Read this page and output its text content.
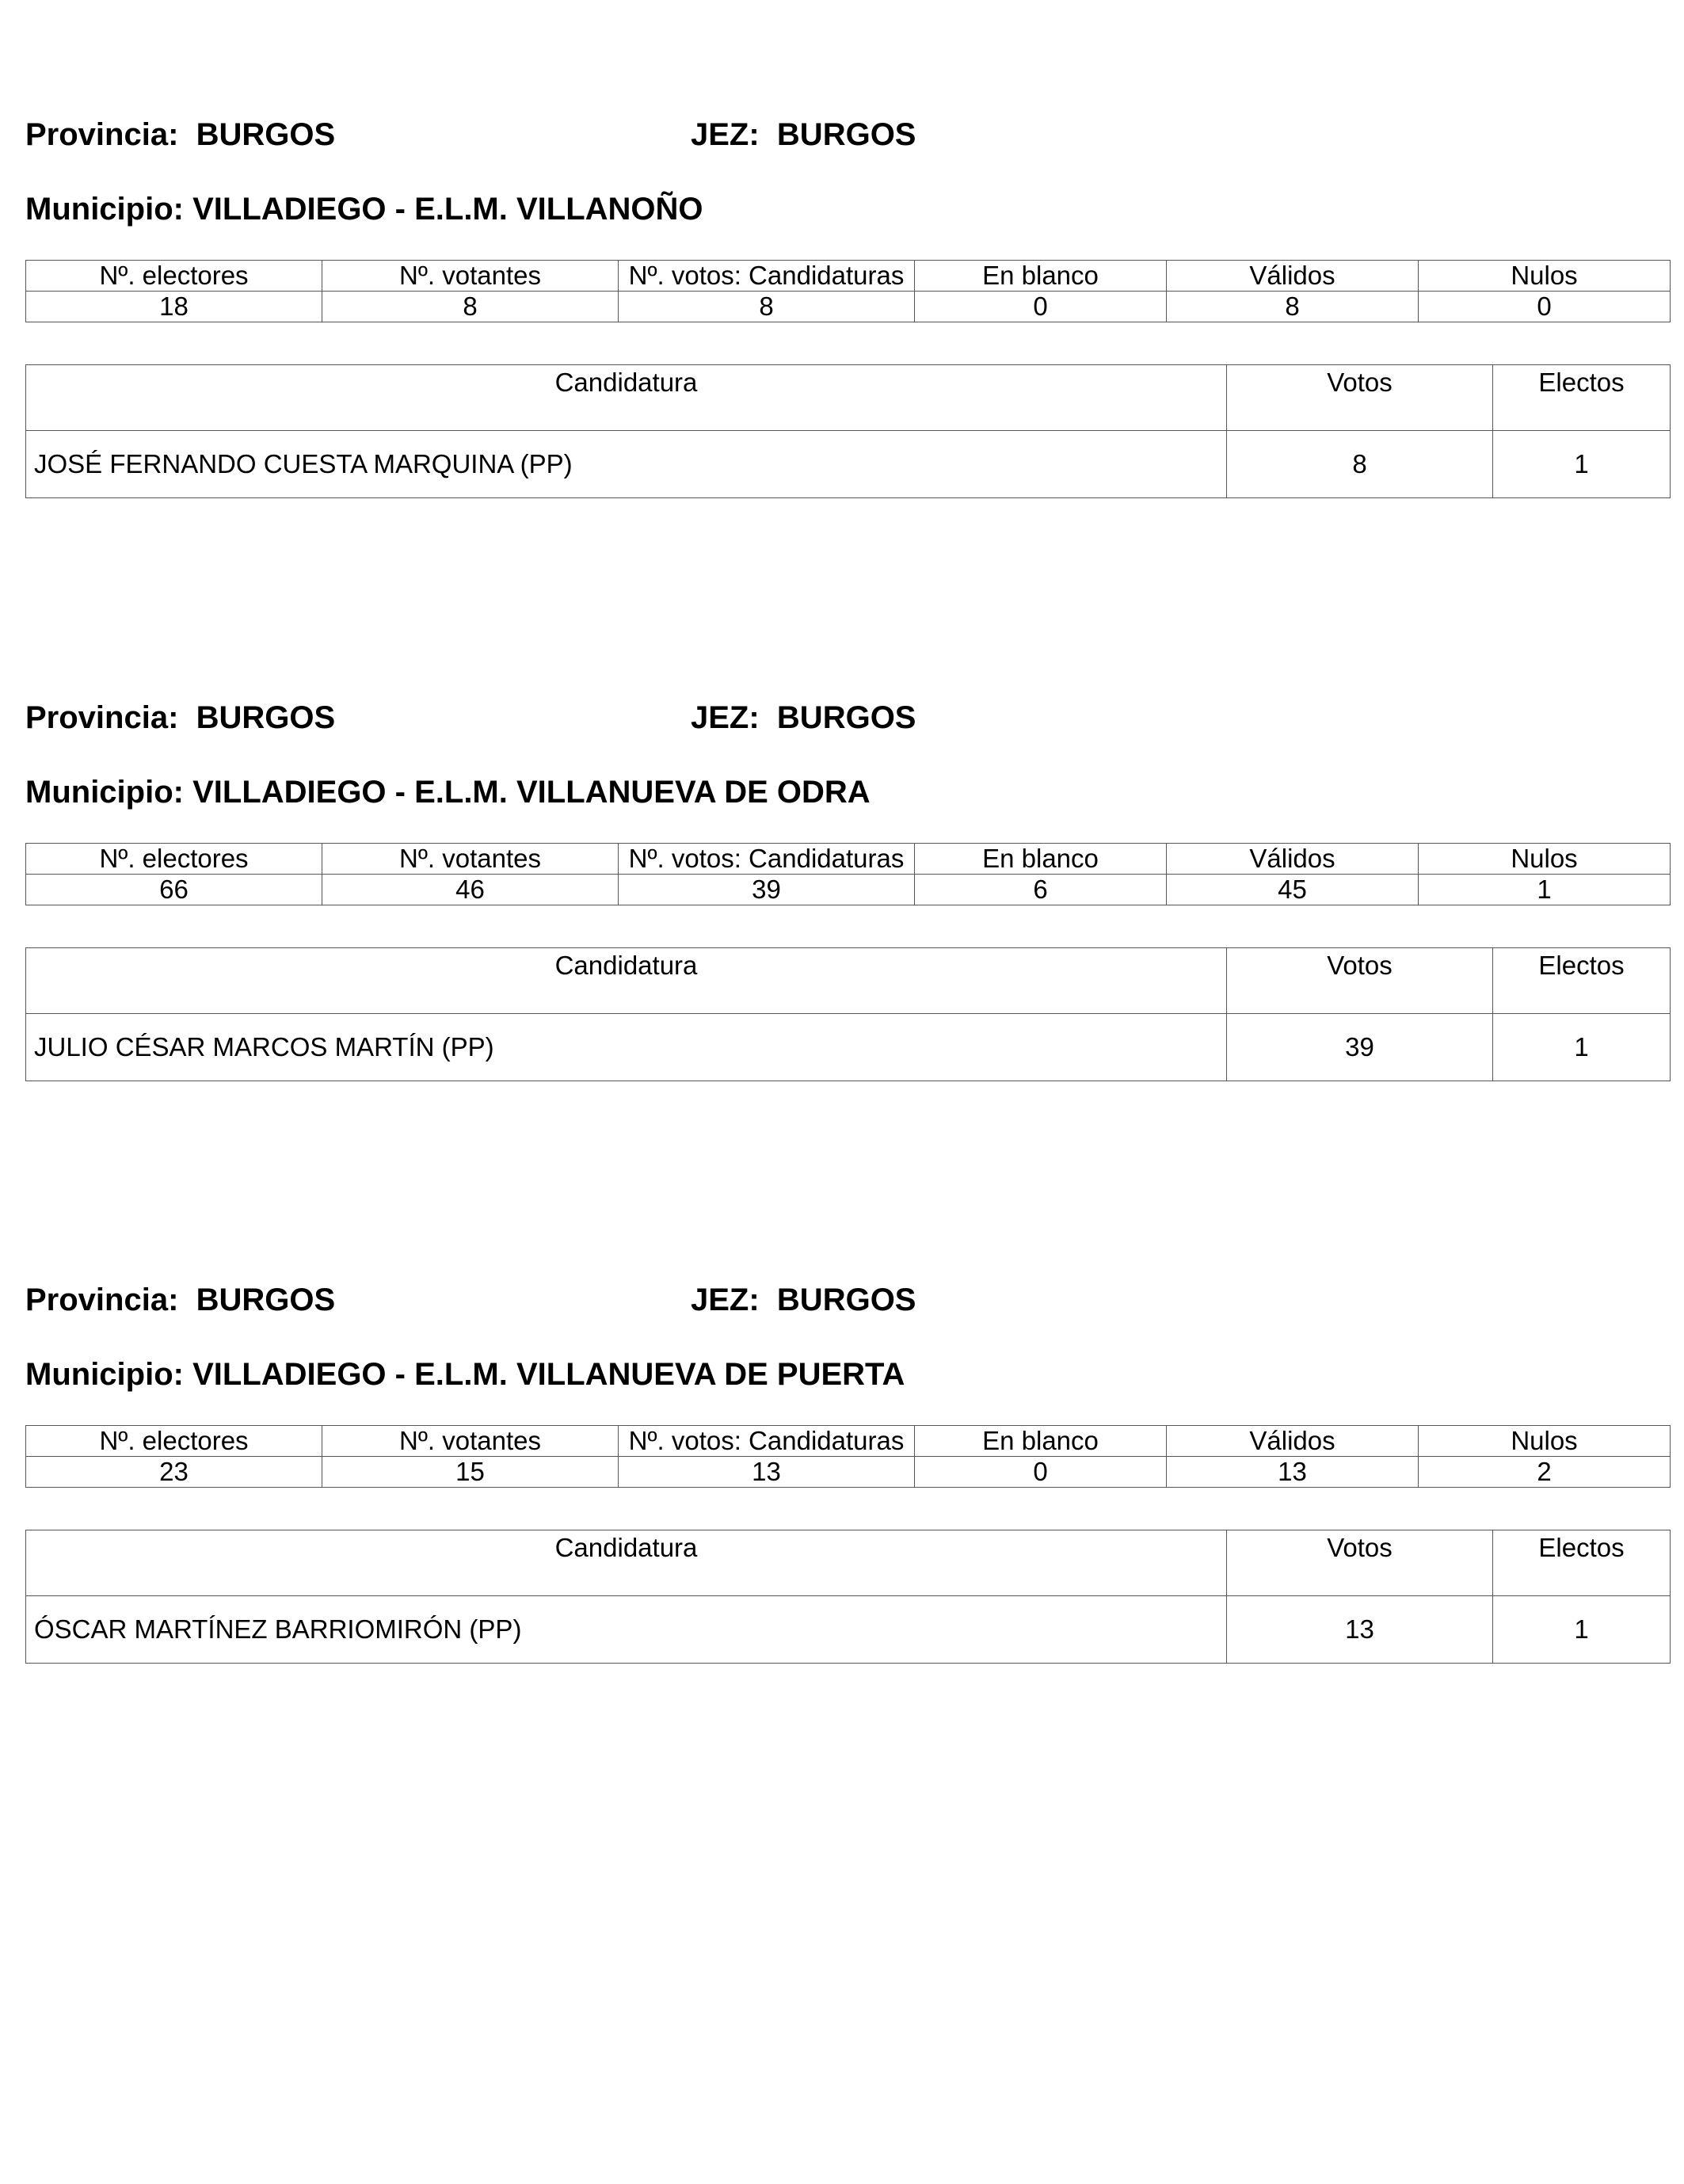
Provincia: BURGOS	JEZ: BURGOS
Municipio: VILLADIEGO - E.L.M. VILLANOÑO
Nº. electores	Nº. votantes	Nº. votos: Candidaturas	En blanco	Válidos	Nulos
18	8	8	0	8	0
Candidatura	Votos	Electos
JOSÉ FERNANDO CUESTA MARQUINA (PP)	8	1
Provincia: BURGOS	JEZ: BURGOS
Municipio: VILLADIEGO - E.L.M. VILLANUEVA DE ODRA
Nº. electores	Nº. votantes	Nº. votos: Candidaturas	En blanco	Válidos	Nulos
66	46	39	6	45	1
Candidatura	Votos	Electos
JULIO CÉSAR MARCOS MARTÍN (PP)	39	1
Provincia: BURGOS	JEZ: BURGOS
Municipio: VILLADIEGO - E.L.M. VILLANUEVA DE PUERTA
Nº. electores	Nº. votantes	Nº. votos: Candidaturas	En blanco	Válidos	Nulos
23	15	13	0	13	2
Candidatura	Votos	Electos
ÓSCAR MARTÍNEZ BARRIOMIRÓN (PP)	13	1
